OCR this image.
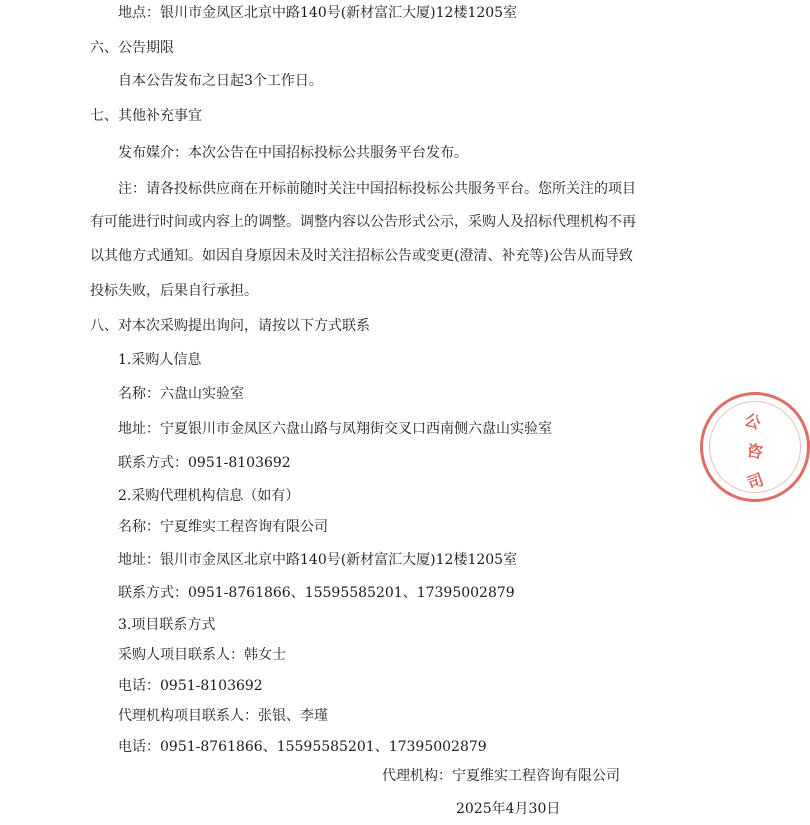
地点：银川市金凤区北京中路140号(新材富汇大厦)12楼1205室
六、公告期限
自本公告发布之日起3个工作日。
七、其他补充事宜
发布媒介：本次公告在中国招标投标公共服务平台发布。
注：请各投标供应商在开标前随时关注中国招标投标公共服务平台。您所关注的项目
有可能进行时间或内容上的调整。调整内容以公告形式公示，采购人及招标代理机构不再
以其他方式通知。如因自身原因未及时关注招标公告或变更(澄清、补充等)公告从而导致
投标失败，后果自行承担。
八、对本次采购提出询问，请按以下方式联系
1.采购人信息
名称：六盘山实验室
地址：宁夏银川市金凤区六盘山路与凤翔街交叉口西南侧六盘山实验室
联系方式：0951-8103692
2.采购代理机构信息（如有）
名称：宁夏维实工程咨询有限公司
地址：银川市金凤区北京中路140号(新材富汇大厦)12楼1205室
联系方式：0951-8761866、15595585201、17395002879
3.项目联系方式
采购人项目联系人：韩女士
电话：0951-8103692
代理机构项目联系人：张银、李瑾
电话：0951-8761866、15595585201、17395002879
代理机构：宁夏维实工程咨询有限公司
2025年4月30日
公
咨
司
